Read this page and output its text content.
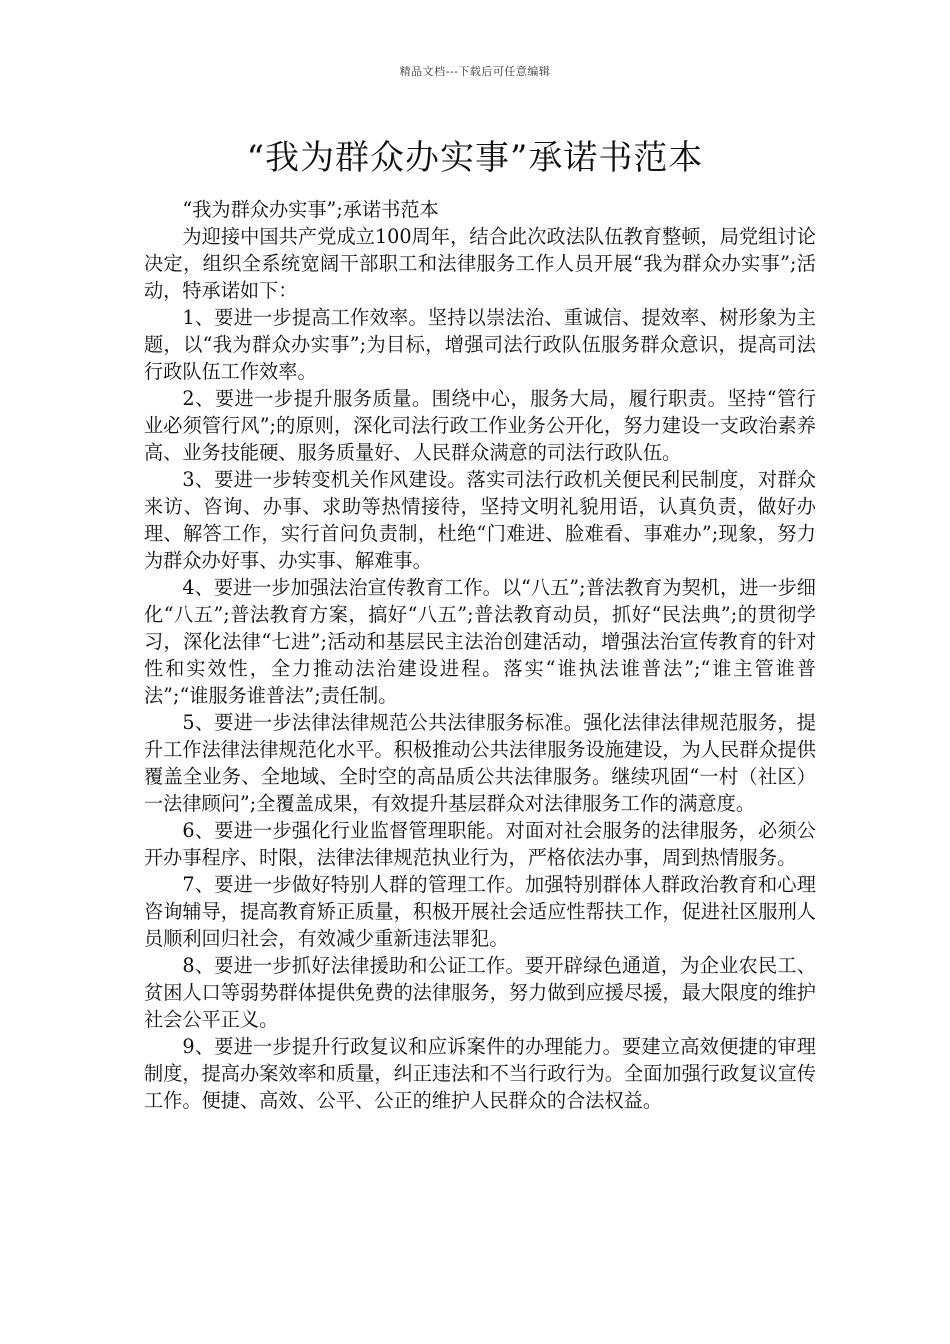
精品文档---下载后可任意编辑
“我为群众办实事”承诺书范本

“我为群众办实事”;承诺书范本

为迎接中国共产党成立100周年，结合此次政法队伍教育整顿，局党组讨论决定，组织全系统宽阔干部职工和法律服务工作人员开展“我为群众办实事”;活动，特承诺如下：

1、要进一步提高工作效率。坚持以崇法治、重诚信、提效率、树形象为主题，以“我为群众办实事”;为目标，增强司法行政队伍服务群众意识，提高司法行政队伍工作效率。

2、要进一步提升服务质量。围绕中心，服务大局，履行职责。坚持“管行业必须管行风”;的原则，深化司法行政工作业务公开化，努力建设一支政治素养高、业务技能硬、服务质量好、人民群众满意的司法行政队伍。

3、要进一步转变机关作风建设。落实司法行政机关便民利民制度，对群众来访、咨询、办事、求助等热情接待，坚持文明礼貌用语，认真负责，做好办理、解答工作，实行首问负责制，杜绝“门难进、脸难看、事难办”;现象，努力为群众办好事、办实事、解难事。

4、要进一步加强法治宣传教育工作。以“八五”;普法教育为契机，进一步细化“八五”;普法教育方案，搞好“八五”;普法教育动员，抓好“民法典”;的贯彻学习，深化法律“七进”;活动和基层民主法治创建活动，增强法治宣传教育的针对性和实效性，全力推动法治建设进程。落实“谁执法谁普法”;“谁主管谁普法”;“谁服务谁普法”;责任制。

5、要进一步法律法律规范公共法律服务标准。强化法律法律规范服务，提升工作法律法律规范化水平。积极推动公共法律服务设施建设，为人民群众提供覆盖全业务、全地域、全时空的高品质公共法律服务。继续巩固“一村（社区）一法律顾问”;全覆盖成果，有效提升基层群众对法律服务工作的满意度。

6、要进一步强化行业监督管理职能。对面对社会服务的法律服务，必须公开办事程序、时限，法律法律规范执业行为，严格依法办事，周到热情服务。

7、要进一步做好特别人群的管理工作。加强特别群体人群政治教育和心理咨询辅导，提高教育矫正质量，积极开展社会适应性帮扶工作，促进社区服刑人员顺利回归社会，有效减少重新违法罪犯。

8、要进一步抓好法律援助和公证工作。要开辟绿色通道，为企业农民工、贫困人口等弱势群体提供免费的法律服务，努力做到应援尽援，最大限度的维护社会公平正义。

9、要进一步提升行政复议和应诉案件的办理能力。要建立高效便捷的审理制度，提高办案效率和质量，纠正违法和不当行政行为。全面加强行政复议宣传工作。便捷、高效、公平、公正的维护人民群众的合法权益。
